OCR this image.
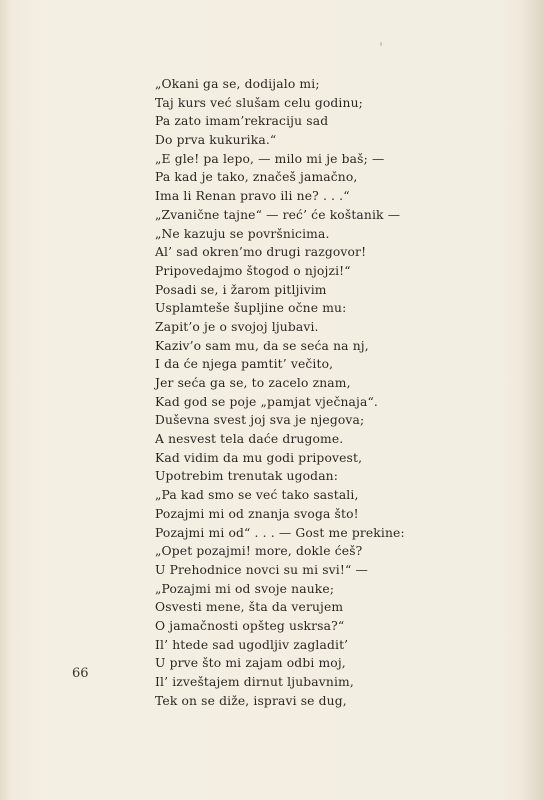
„Okani ga se, dodijalo mi;
Taj kurs već slušam celu godinu;
Pa zato imam’rekraciju sad
Do prva kukurika.“
„E gle! pa lepo, — milo mi je baš; —
Pa kad je tako, značeš jamačno,
Ima li Renan pravo ili ne? . . .“
„Zvanične tajne“ — reć’ će koštanik —
„Ne kazuju se površnicima.
Al’ sad okren’mo drugi razgovor!
Pripovedajmo štogod o njojzi!“
Posadi se, i žarom pitljivim
Usplamteše šupljine očne mu:
Zapit’o je o svojoj ljubavi.
Kaziv’o sam mu, da se seća na nj,
I da će njega pamtit’ večito,
Jer seća ga se, to zacelo znam,
Kad god se poje „pamjat vječnaja“.
Duševna svest joj sva je njegova;
A nesvest tela daće drugome.
Kad vidim da mu godi pripovest,
Upotrebim trenutak ugodan:
„Pa kad smo se već tako sastali,
Pozajmi mi od znanja svoga što!
Pozajmi mi od“ . . . — Gost me prekine:
„Opet pozajmi! more, dokle ćeš?
U Prehodnice novci su mi svi!“ —
„Pozajmi mi od svoje nauke;
Osvesti mene, šta da verujem
O jamačnosti opšteg uskrsa?“
Il’ htede sad ugodljiv zagladit’
U prve što mi zajam odbi moj,
Il’ izveštajem dirnut ljubavnim,
Tek on se diže, ispravi se dug,
66
